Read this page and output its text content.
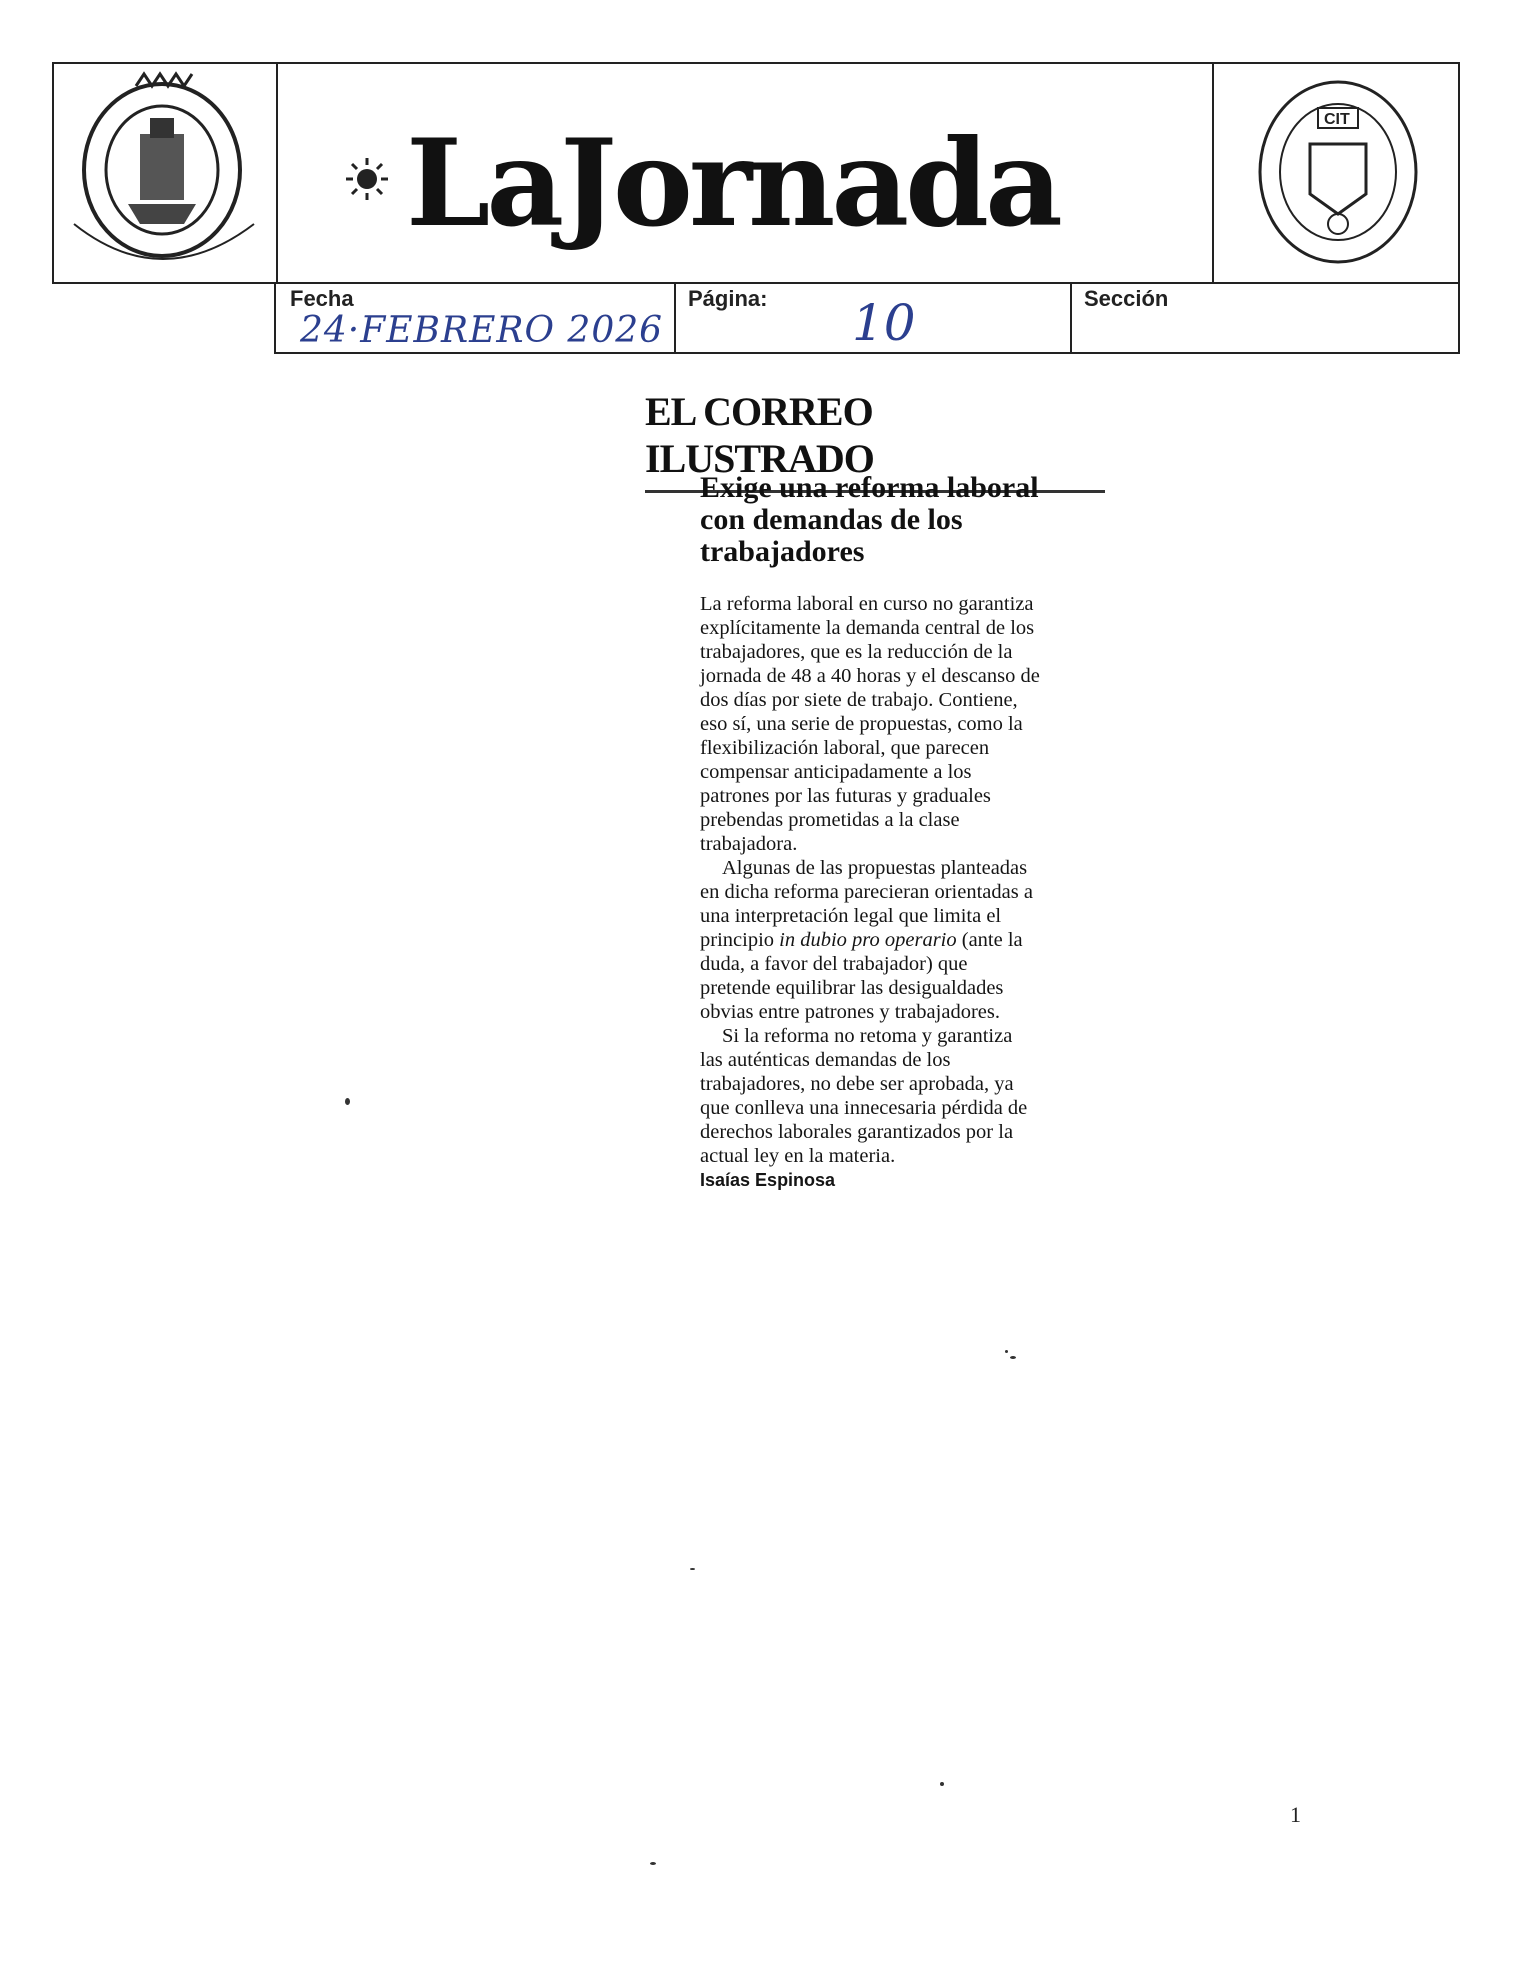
LaJornada	CIT
Fecha
24·FEBRERO 2026
Página: 10	Sección
EL CORREO ILUSTRADO
Exige una reforma laboral con demandas de los trabajadores

La reforma laboral en curso no garantiza explícitamente la demanda central de los trabajadores, que es la reducción de la jornada de 48 a 40 horas y el descanso de dos días por siete de trabajo. Contiene, eso sí, una serie de propuestas, como la flexibilización laboral, que parecen compensar anticipadamente a los patrones por las futuras y graduales prebendas prometidas a la clase trabajadora.

Algunas de las propuestas planteadas en dicha reforma parecieran orientadas a una interpretación legal que limita el principio in dubio pro operario (ante la duda, a favor del trabajador) que pretende equilibrar las desigualdades obvias entre patrones y trabajadores.

Si la reforma no retoma y garantiza las auténticas demandas de los trabajadores, no debe ser aprobada, ya que conlleva una innecesaria pérdida de derechos laborales garantizados por la actual ley en la materia.

Isaías Espinosa
1
